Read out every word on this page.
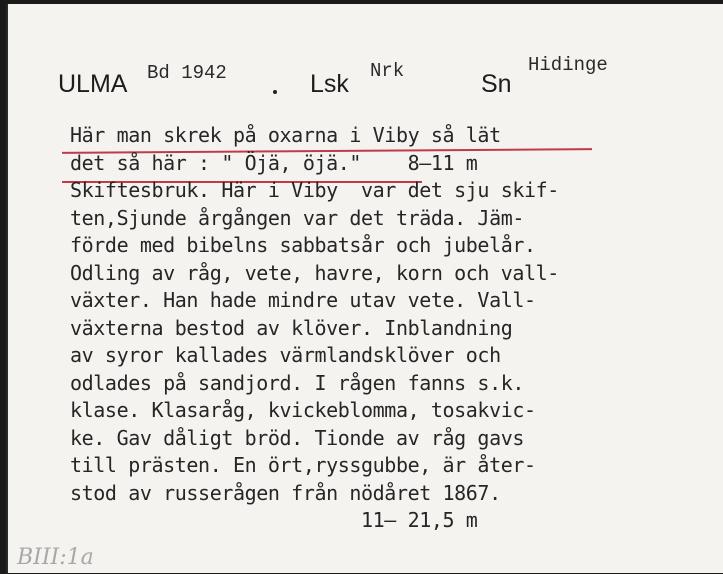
ULMA Bd 1942	Lsk Nrk	Sn
Hidinge
Här man skrek på oxarna i Viby så lät
det så här : " Öjä, öjä."    8–11 m
Skiftesbruk. Här i Viby  var det sju skif-
ten,Sjunde årgången var det träda. Jäm-
förde med bibelns sabbatsår och jubelår.
Odling av råg, vete, havre, korn och vall-
växter. Han hade mindre utav vete. Vall-
växterna bestod av klöver. Inblandning
av syror kallades värmlandsklöver och
odlades på sandjord. I rågen fanns s.k.
klase. Klasaråg, kvickeblomma, tosakvic-
ke. Gav dåligt bröd. Tionde av råg gavs
till prästen. En ört,ryssgubbe, är åter-
stod av russerågen från nödåret 1867.
11– 21,5 m
BIII:1a
